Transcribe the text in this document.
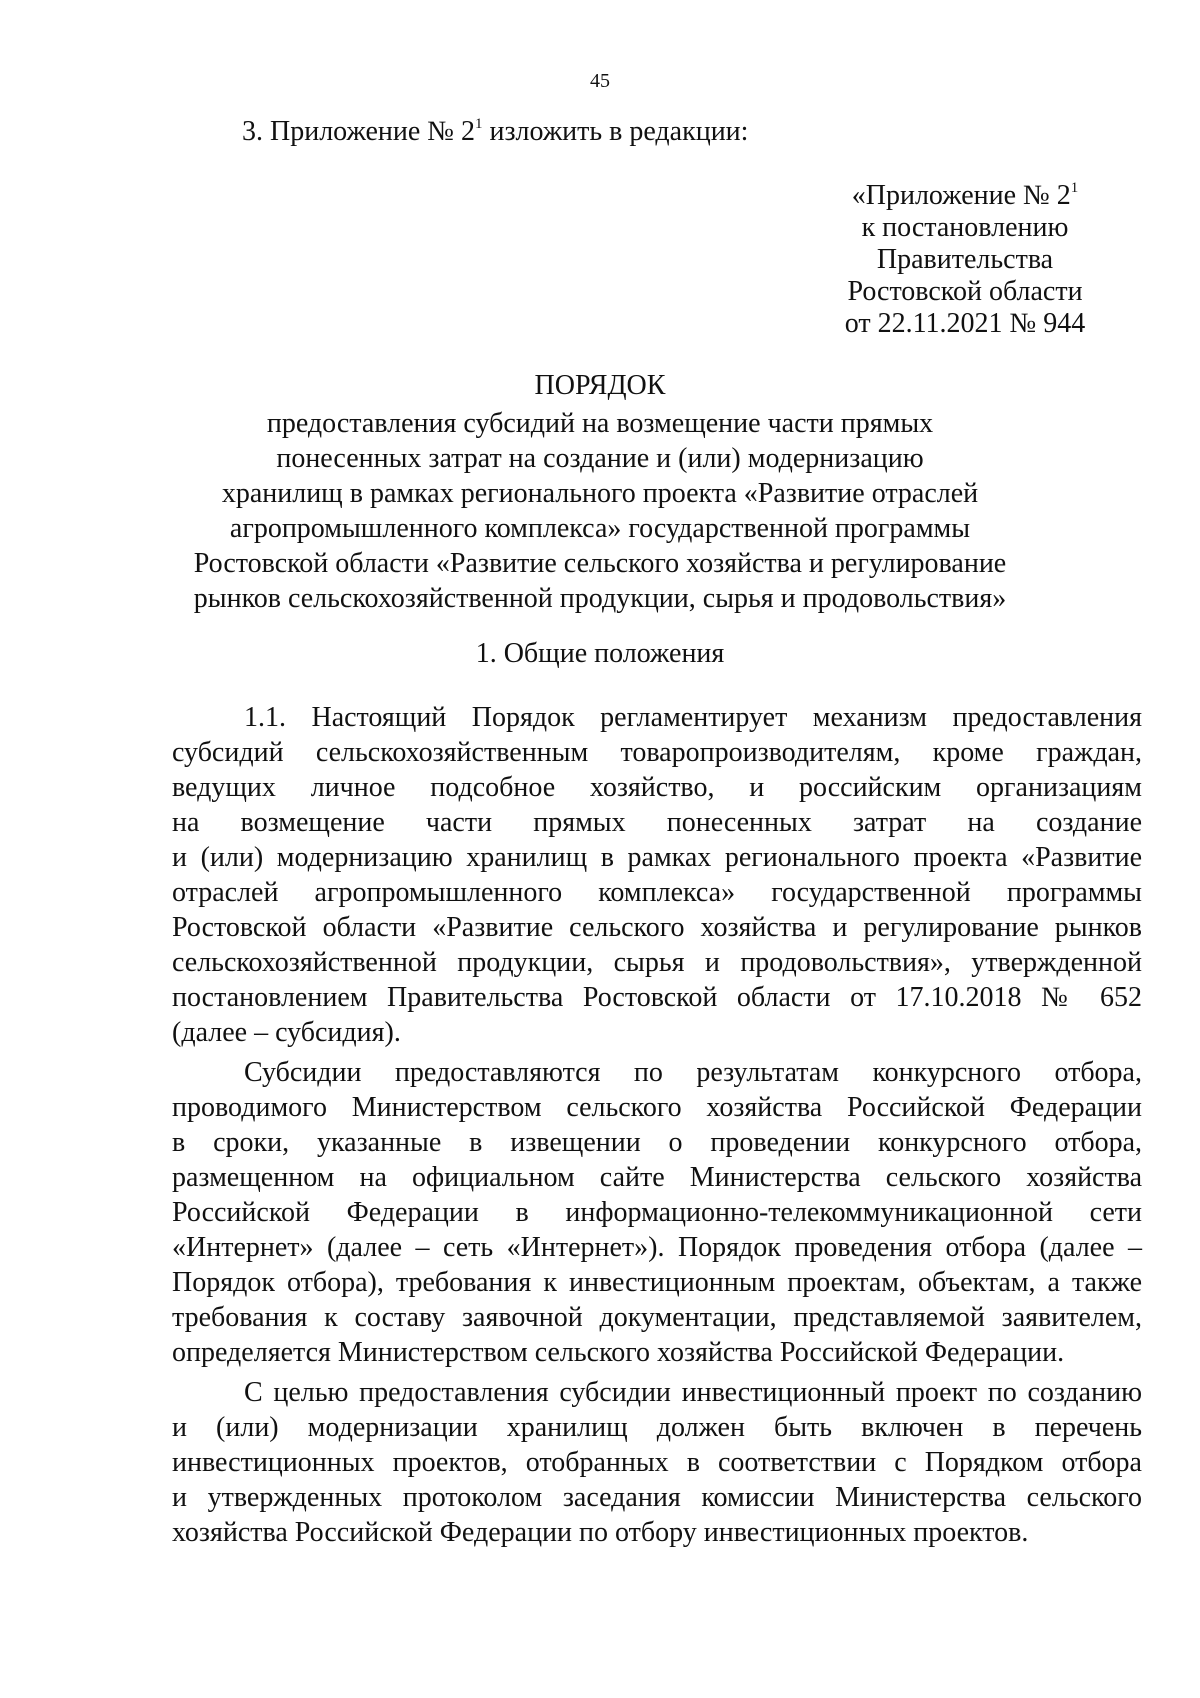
45
3. Приложение № $2^1$ изложить в редакции:
«Приложение № $2^1$
к постановлению
Правительства
Ростовской области
от 22.11.2021 № 944
ПОРЯДОК
предоставления субсидий на возмещение части прямых
понесенных затрат на создание и (или) модернизацию
хранилищ в рамках регионального проекта «Развитие отраслей
агропромышленного комплекса» государственной программы
Ростовской области «Развитие сельского хозяйства и регулирование
рынков сельскохозяйственной продукции, сырья и продовольствия»
1. Общие положения
1.1. Настоящий Порядок регламентирует механизм предоставления
субсидий сельскохозяйственным товаропроизводителям, кроме граждан,
ведущих личное подсобное хозяйство, и российским организациям
на возмещение части прямых понесенных затрат на создание
и (или) модернизацию хранилищ в рамках регионального проекта «Развитие
отраслей агропромышленного комплекса» государственной программы
Ростовской области «Развитие сельского хозяйства и регулирование рынков
сельскохозяйственной продукции, сырья и продовольствия», утвержденной
постановлением Правительства Ростовской области от 17.10.2018 № 652
(далее – субсидия).
Субсидии предоставляются по результатам конкурсного отбора,
проводимого Министерством сельского хозяйства Российской Федерации
в сроки, указанные в извещении о проведении конкурсного отбора,
размещенном на официальном сайте Министерства сельского хозяйства
Российской Федерации в информационно-телекоммуникационной сети
«Интернет» (далее – сеть «Интернет»). Порядок проведения отбора (далее –
Порядок отбора), требования к инвестиционным проектам, объектам, а также
требования к составу заявочной документации, представляемой заявителем,
определяется Министерством сельского хозяйства Российской Федерации.
С целью предоставления субсидии инвестиционный проект по созданию
и (или) модернизации хранилищ должен быть включен в перечень
инвестиционных проектов, отобранных в соответствии с Порядком отбора
и утвержденных протоколом заседания комиссии Министерства сельского
хозяйства Российской Федерации по отбору инвестиционных проектов.
